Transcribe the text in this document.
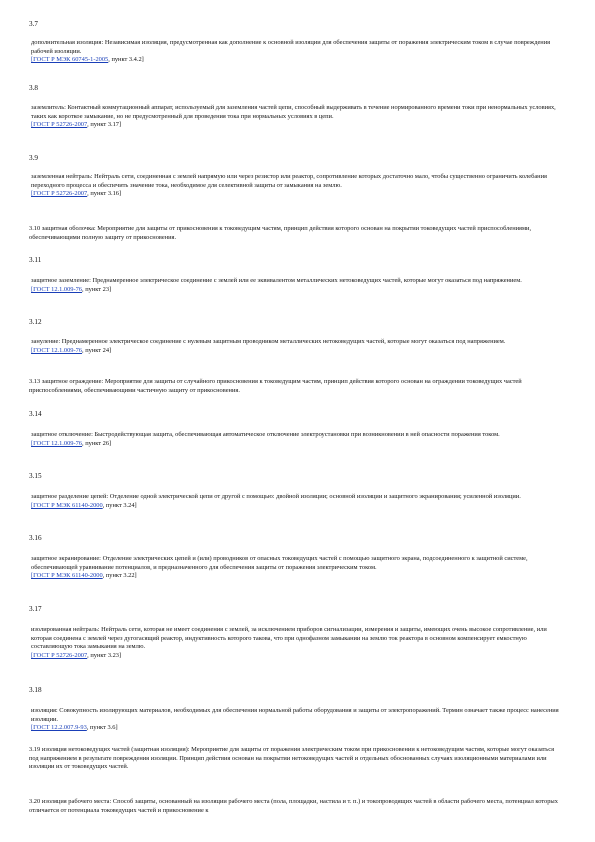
3.7
дополнительная изоляция: Независимая изоляция, предусмотренная как дополнение к основной изоляции для обеспечения защиты от поражения электрическим током в случае повреждения рабочей изоляции.
[ГОСТ Р МЭК 60745-1-2005, пункт 3.4.2]
3.8
заземлитель: Контактный коммутационный аппарат, используемый для заземления частей цепи, способный выдерживать в течение нормированного времени токи при ненормальных условиях, таких как короткое замыкание, но не предусмотренный для проведения тока при нормальных условиях в цепи.
[ГОСТ Р 52726-2007, пункт 3.17]
3.9
заземленная нейтраль: Нейтраль сети, соединенная с землей напрямую или через резистор или реактор, сопротивление которых достаточно мало, чтобы существенно ограничить колебания переходного процесса и обеспечить значение тока, необходимое для селективной защиты от замыкания на землю.
[ГОСТ Р 52726-2007, пункт 3.16]
3.10 защитная оболочка: Мероприятие для защиты от прикосновения к токоведущим частям, принцип действия которого основан на покрытии токоведущих частей приспособлениями, обеспечивающими полную защиту от прикосновения.
3.11
защитное заземление: Преднамеренное электрическое соединение с землей или ее эквивалентом металлических нетоковедущих частей, которые могут оказаться под напряжением.
[ГОСТ 12.1.009-76, пункт 23]
3.12
зануление: Преднамеренное электрическое соединение с нулевым защитным проводником металлических нетоковедущих частей, которые могут оказаться под напряжением.
[ГОСТ 12.1.009-76, пункт 24]
3.13 защитное ограждение: Мероприятие для защиты от случайного прикосновения к токоведущим частям, принцип действия которого основан на ограждении токоведущих частей приспособлениями, обеспечивающими частичную защиту от прикосновения.
3.14
защитное отключение: Быстродействующая защита, обеспечивающая автоматическое отключение электроустановки при возникновении в ней опасности поражения током.
[ГОСТ 12.1.009-76, пункт 26]
3.15
защитное разделение цепей: Отделение одной электрической цепи от другой с помощью: двойной изоляции; основной изоляции и защитного экранирования; усиленной изоляции.
[ГОСТ Р МЭК 61140-2000, пункт 3.24]
3.16
защитное экранирование: Отделение электрических цепей и (или) проводников от опасных токоведущих частей с помощью защитного экрана, подсоединенного к защитной системе, обеспечивающей уравнивание потенциалов, и предназначенного для обеспечения защиты от поражения электрическим током.
[ГОСТ Р МЭК 61140-2000, пункт 3.22]
3.17
изолированная нейтраль: Нейтраль сети, которая не имеет соединения с землей, за исключением приборов сигнализации, измерения и защиты, имеющих очень высокое сопротивление, или которая соединена с землей через дугогасящий реактор, индуктивность которого такова, что при однофазном замыкании на землю ток реактора в основном компенсирует емкостную составляющую тока замыкания на землю.
[ГОСТ Р 52726-2007, пункт 3.23]
3.18
изоляция: Совокупность изолирующих материалов, необходимых для обеспечения нормальной работы оборудования и защиты от электропоражений. Термин означает также процесс нанесения изоляции.
[ГОСТ 12.2.007.9-93, пункт 3.6]
3.19 изоляция нетоковедущих частей (защитная изоляция): Мероприятие для защиты от поражения электрическим током при прикосновении к нетоковедущим частям, которые могут оказаться под напряжением в результате повреждения изоляции. Принцип действия основан на покрытии нетоковедущих частей и отдельных обоснованных случаях изоляционными материалами или изоляции их от токоведущих частей.
3.20 изоляция рабочего места: Способ защиты, основанный на изоляции рабочего места (пола, площадки, настила и т. п.) и токопроводящих частей в области рабочего места, потенциал которых отличается от потенциала токоведущих частей и прикосновение к
